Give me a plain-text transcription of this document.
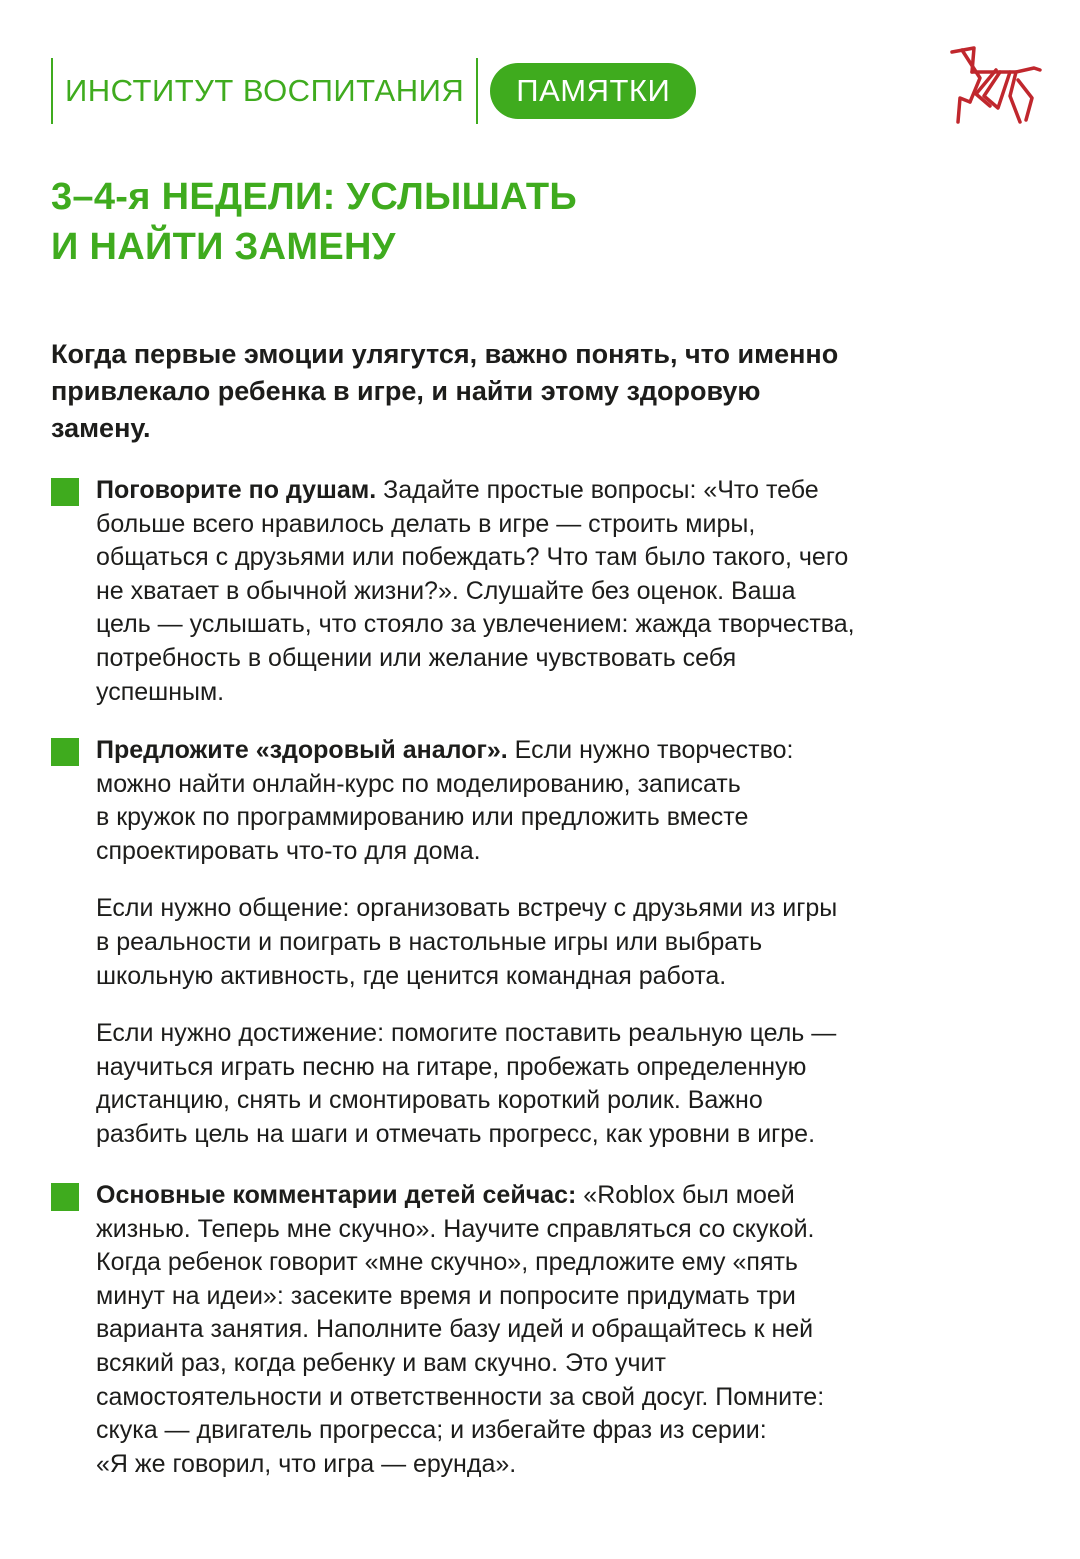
ИНСТИТУТ ВОСПИТАНИЯ	ПАМЯТКИ
3–4-я НЕДЕЛИ: УСЛЫШАТЬ
И НАЙТИ ЗАМЕНУ

Когда первые эмоции улягутся, важно понять, что именно
привлекало ребенка в игре, и найти этому здоровую
замену.

Поговорите по душам. Задайте простые вопросы: «Что тебе
больше всего нравилось делать в игре — строить миры,
общаться с друзьями или побеждать? Что там было такого, чего
не хватает в обычной жизни?». Слушайте без оценок. Ваша
цель — услышать, что стояло за увлечением: жажда творчества,
потребность в общении или желание чувствовать себя
успешным.

Предложите «здоровый аналог». Если нужно творчество:
можно найти онлайн-курс по моделированию, записать
в кружок по программированию или предложить вместе
спроектировать что-то для дома.

Если нужно общение: организовать встречу с друзьями из игры
в реальности и поиграть в настольные игры или выбрать
школьную активность, где ценится командная работа.

Если нужно достижение: помогите поставить реальную цель —
научиться играть песню на гитаре, пробежать определенную
дистанцию, снять и смонтировать короткий ролик. Важно
разбить цель на шаги и отмечать прогресс, как уровни в игре.

Основные комментарии детей сейчас: «Roblox был моей
жизнью. Теперь мне скучно». Научите справляться со скукой.
Когда ребенок говорит «мне скучно», предложите ему «пять
минут на идеи»: засеките время и попросите придумать три
варианта занятия. Наполните базу идей и обращайтесь к ней
всякий раз, когда ребенку и вам скучно. Это учит
самостоятельности и ответственности за свой досуг. Помните:
скука — двигатель прогресса; и избегайте фраз из серии:
«Я же говорил, что игра — ерунда».
